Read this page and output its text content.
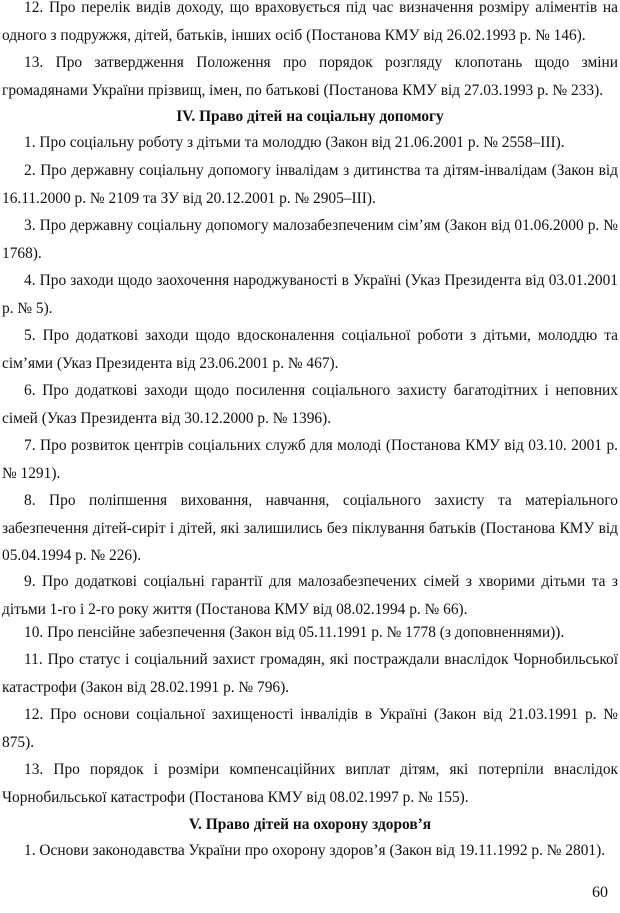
12. Про перелік видів доходу, що враховується під час визначення розміру аліментів на одного з подружжя, дітей, батьків, інших осіб (Постанова КМУ від 26.02.1993 р. № 146).

13. Про затвердження Положення про порядок розгляду клопотань щодо зміни громадянами України прізвищ, імен, по батькові (Постанова КМУ від 27.03.1993 р. № 233).

IV. Право дітей на соціальну допомогу

1. Про соціальну роботу з дітьми та молоддю (Закон від 21.06.2001 р. № 2558–ІІІ).

2. Про державну соціальну допомогу інвалідам з дитинства та дітям-інвалідам (Закон від 16.11.2000 р. № 2109 та ЗУ від 20.12.2001 р. № 2905–ІІІ).

3. Про державну соціальну допомогу малозабезпеченим сім’ям (Закон від 01.06.2000 р. № 1768).

4. Про заходи щодо заохочення народжуваності в Україні (Указ Президента від 03.01.2001 р. № 5).

5. Про додаткові заходи щодо вдосконалення соціальної роботи з дітьми, молоддю та сім’ями (Указ Президента від 23.06.2001 р. № 467).

6. Про додаткові заходи щодо посилення соціального захисту багатодітних і неповних сімей (Указ Президента від 30.12.2000 р. № 1396).

7. Про розвиток центрів соціальних служб для молоді (Постанова КМУ від 03.10. 2001 р. № 1291).

8. Про поліпшення виховання, навчання, соціального захисту та матеріального забезпечення дітей-сиріт і дітей, які залишились без піклування батьків (Постанова КМУ від 05.04.1994 р. № 226).

9. Про додаткові соціальні гарантії для малозабезпечених сімей з хворими дітьми та з дітьми 1-го і 2-го року життя (Постанова КМУ від 08.02.1994 р. № 66).

10. Про пенсійне забезпечення (Закон від 05.11.1991 р. № 1778 (з доповненнями)).

11. Про статус і соціальний захист громадян, які постраждали внаслідок Чорнобильської катастрофи (Закон від 28.02.1991 р. № 796).

12. Про основи соціальної захищеності інвалідів в Україні (Закон від 21.03.1991 р. № 875).

13. Про порядок і розміри компенсаційних виплат дітям, які потерпіли внаслідок Чорнобильської катастрофи (Постанова КМУ від 08.02.1997 р. № 155).

V. Право дітей на охорону здоров’я

1. Основи законодавства України про охорону здоров’я (Закон від 19.11.1992 р. № 2801).

60
